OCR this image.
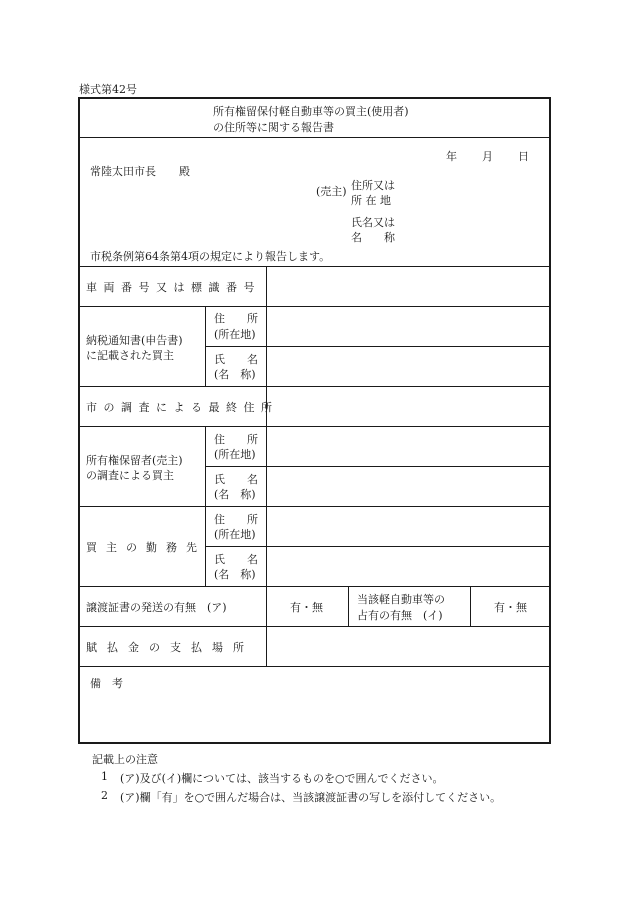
様式第42号
所有権留保付軽自動車等の買主(使用者)
の住所等に関する報告書
年 月 日
常陸太田市長 殿
(売主) 住所又は
所 在 地
氏名又は
名　　称
市税条例第64条第4項の規定により報告します。
車両番号又は標識番号
納税通知書(申告書)
に記載された買主
住　　所
(所在地)
氏　　名
(名　称)
市の調査による最終住所
所有権保留者(売主)
の調査による買主
住　　所
(所在地)
氏　　名
(名　称)
買主の勤務先
住　　所
(所在地)
氏　　名
(名　称)
譲渡証書の発送の有無　(ア)	有・無
当該軽自動車等の
占有の有無　(イ)
有・無
賦払金の支払場所
備　考
記載上の注意
1 (ア)及び(イ)欄については、該当するものを○で囲んでください。
2 (ア)欄「有」を○で囲んだ場合は、当該譲渡証書の写しを添付してください。
